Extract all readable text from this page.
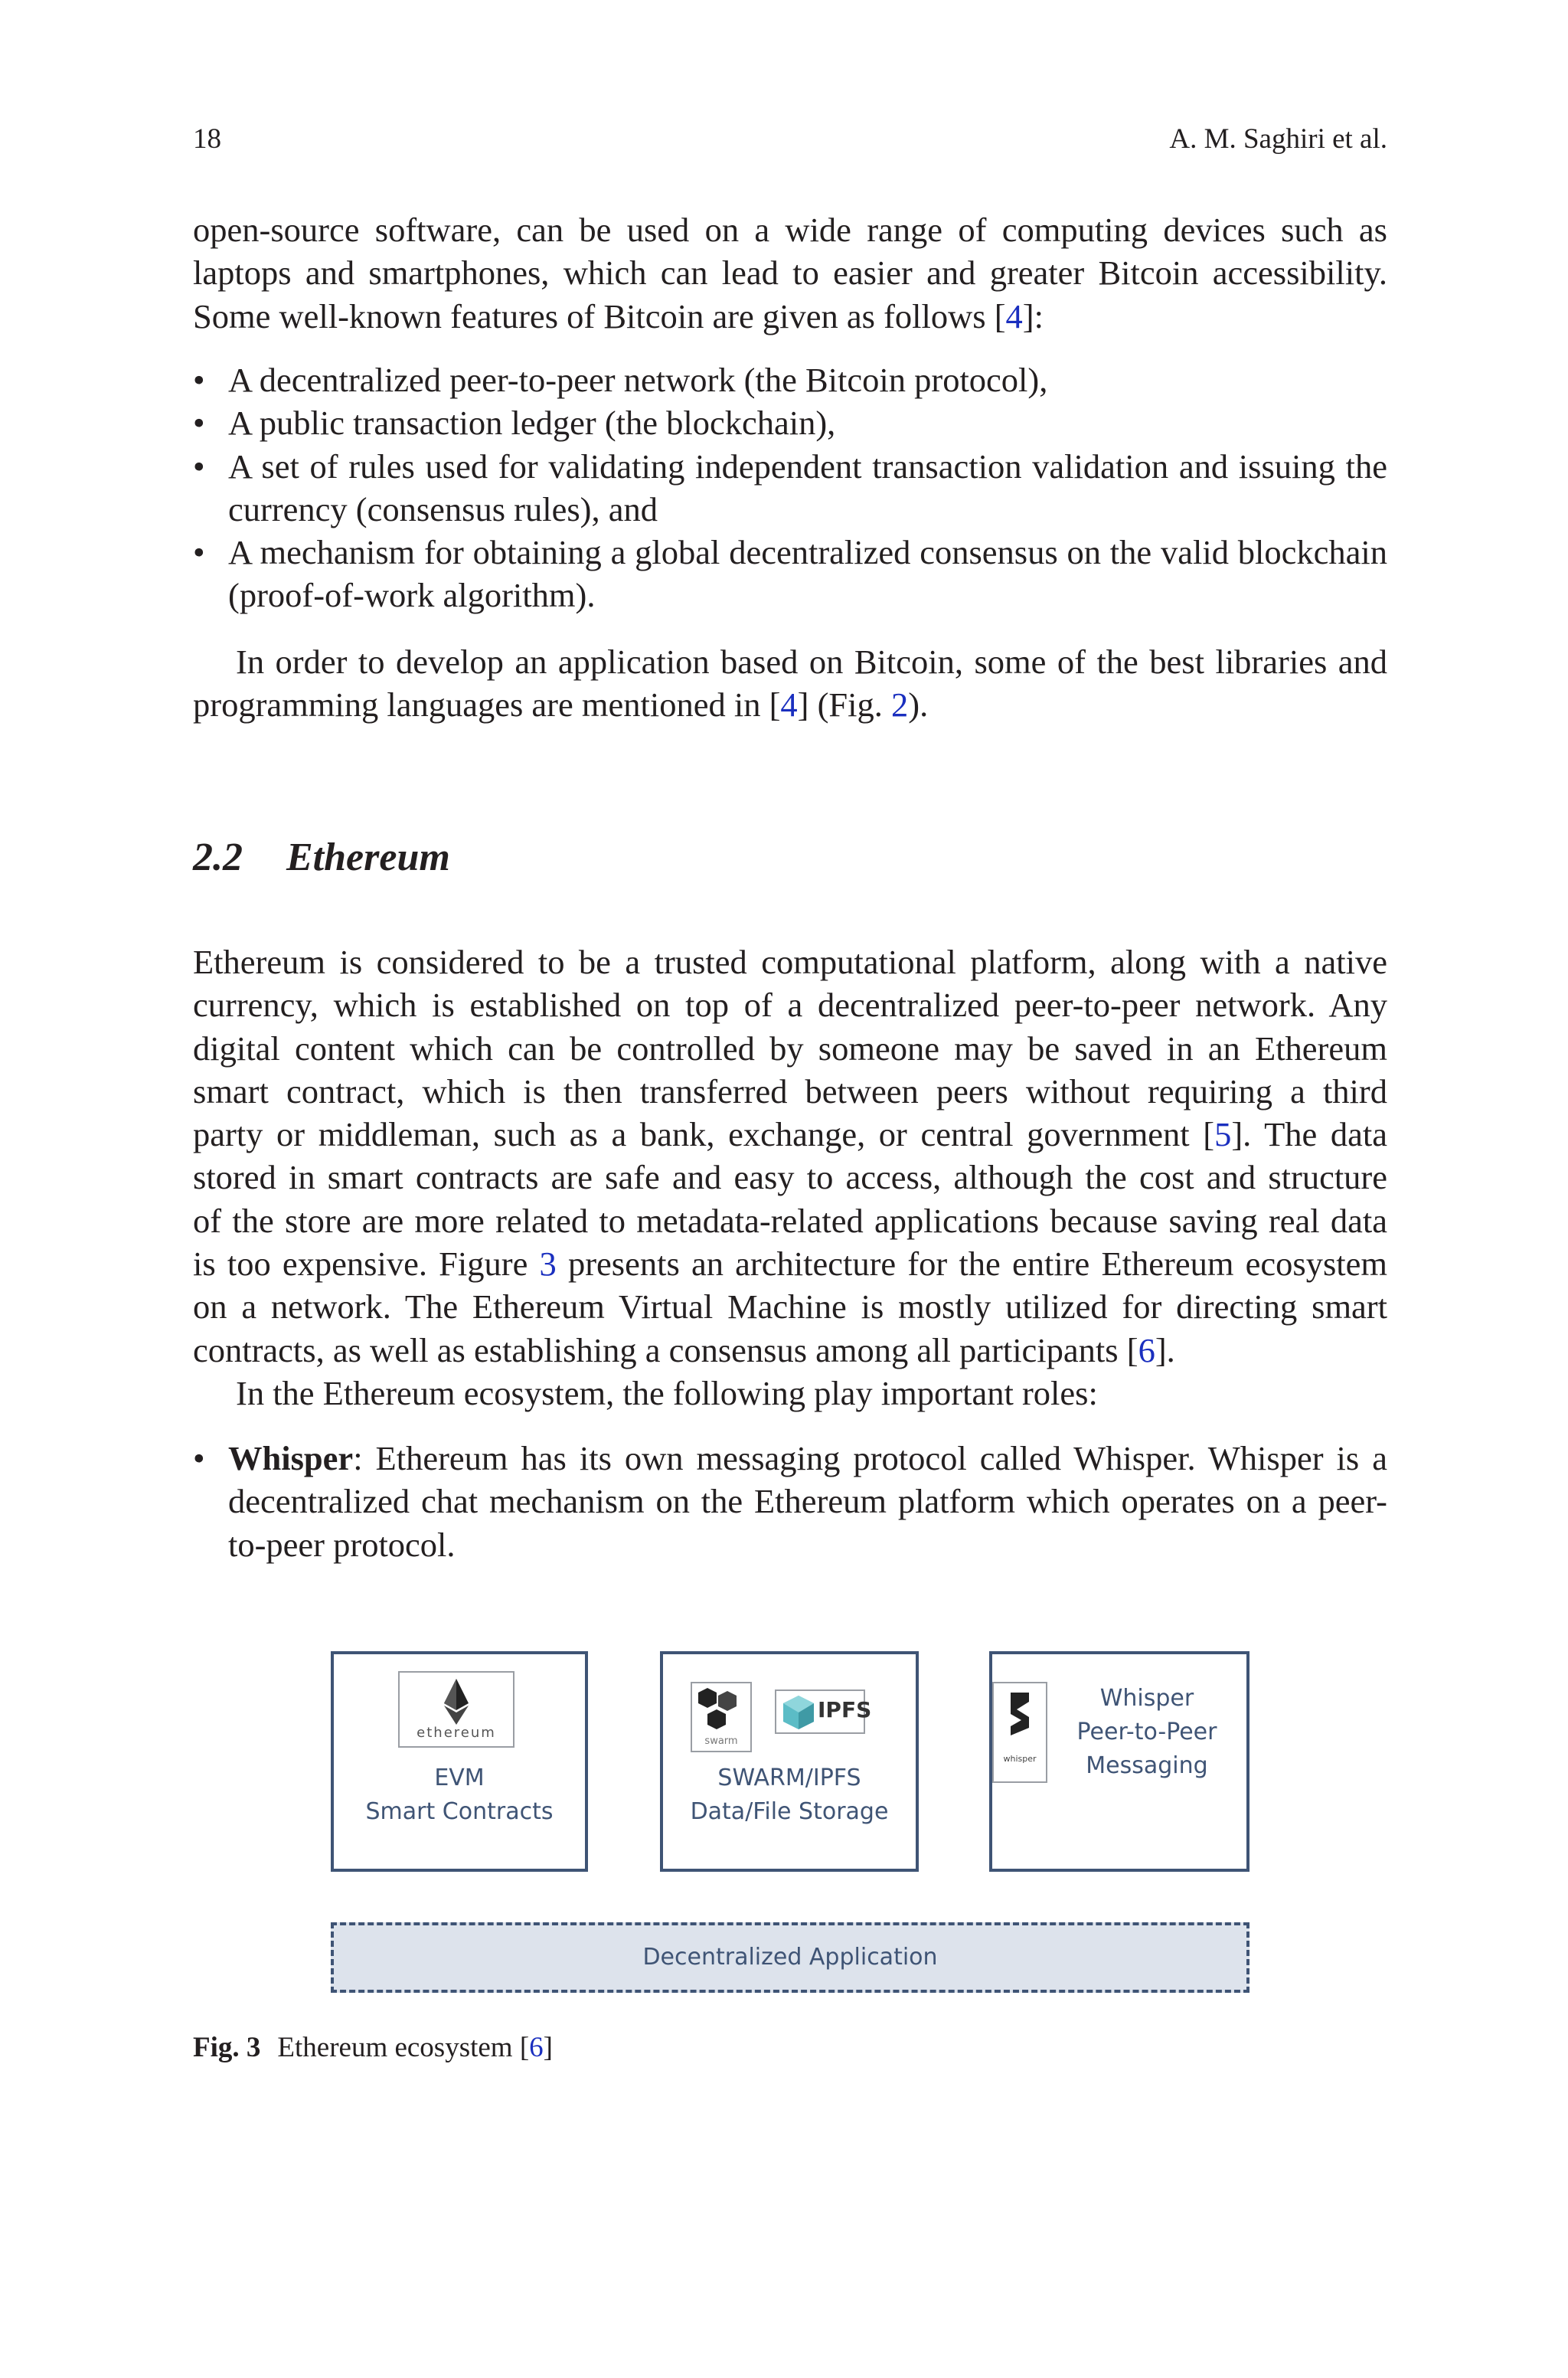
18	A. M. Saghiri et al.
open-source software, can be used on a wide range of computing devices such as
laptops and smartphones, which can lead to easier and greater Bitcoin accessibility.
Some well-known features of Bitcoin are given as follows [4]:
• A decentralized peer-to-peer network (the Bitcoin protocol),
• A public transaction ledger (the blockchain),
• A set of rules used for validating independent transaction validation and issuing the currency (consensus rules), and
• A mechanism for obtaining a global decentralized consensus on the valid blockchain (proof-of-work algorithm).
In order to develop an application based on Bitcoin, some of the best libraries and
programming languages are mentioned in [4] (Fig. 2).
2.2 Ethereum
Ethereum is considered to be a trusted computational platform, along with a native
currency, which is established on top of a decentralized peer-to-peer network. Any
digital content which can be controlled by someone may be saved in an Ethereum
smart contract, which is then transferred between peers without requiring a third
party or middleman, such as a bank, exchange, or central government [5]. The data
stored in smart contracts are safe and easy to access, although the cost and structure
of the store are more related to metadata-related applications because saving real data
is too expensive. Figure 3 presents an architecture for the entire Ethereum ecosystem
on a network. The Ethereum Virtual Machine is mostly utilized for directing smart
contracts, as well as establishing a consensus among all participants [6].
In the Ethereum ecosystem, the following play important roles:
• Whisper: Ethereum has its own messaging protocol called Whisper. Whisper is a decentralized chat mechanism on the Ethereum platform which operates on a peer-to-peer protocol.
ethereum
EVM
Smart Contracts
swarm
IPFS
SWARM/IPFS
Data/File Storage
whisper
Whisper
Peer-to-Peer
Messaging
Decentralized Application
Fig. 3 Ethereum ecosystem [6]
